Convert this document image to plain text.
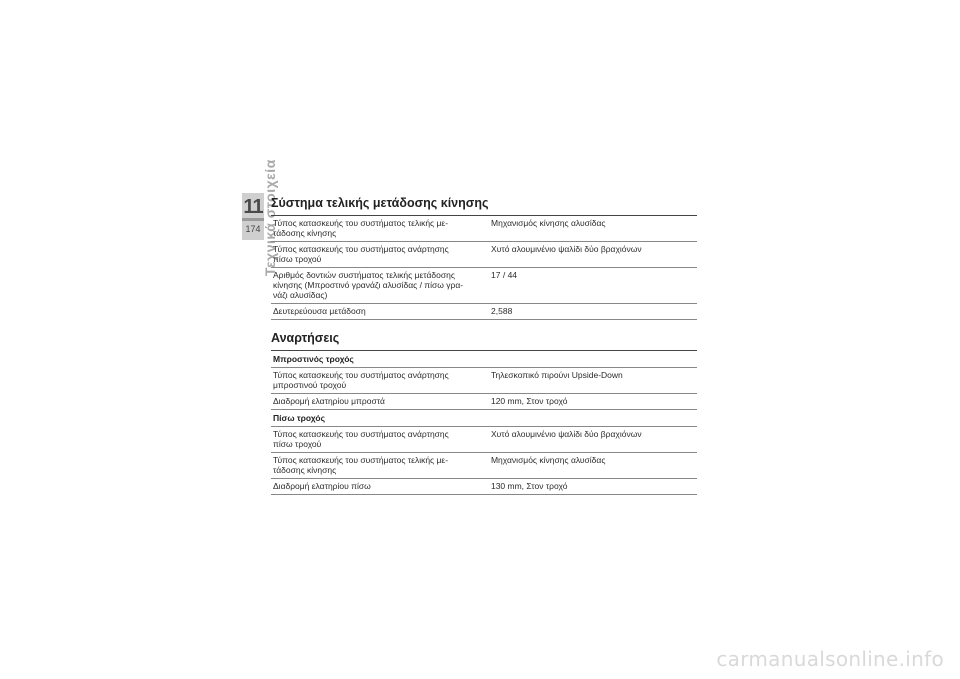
11
174 Τεχνικά στοιχεία
Σύστημα τελικής μετάδοσης κίνησης
Τύπος κατασκευής του συστήματος τελικής με-
τάδοσης κίνησης	Μηχανισμός κίνησης αλυσίδας
Τύπος κατασκευής του συστήματος ανάρτησης
πίσω τροχού	Χυτό αλουμινένιο ψαλίδι δύο βραχιόνων
Αριθμός δοντιών συστήματος τελικής μετάδοσης
κίνησης (Μπροστινό γρανάζι αλυσίδας / πίσω γρα-
νάζι αλυσίδας)	17 / 44
Δευτερεύουσα μετάδοση	2,588
Αναρτήσεις
Μπροστινός τροχός	
Τύπος κατασκευής του συστήματος ανάρτησης
μπροστινού τροχού	Τηλεσκοπικό πιρούνι Upside-Down
Διαδρομή ελατηρίου μπροστά	120 mm, Στον τροχό
Πίσω τροχός	
Τύπος κατασκευής του συστήματος ανάρτησης
πίσω τροχού	Χυτό αλουμινένιο ψαλίδι δύο βραχιόνων
Τύπος κατασκευής του συστήματος τελικής με-
τάδοσης κίνησης	Μηχανισμός κίνησης αλυσίδας
Διαδρομή ελατηρίου πίσω	130 mm, Στον τροχό
carmanualsonline.info
